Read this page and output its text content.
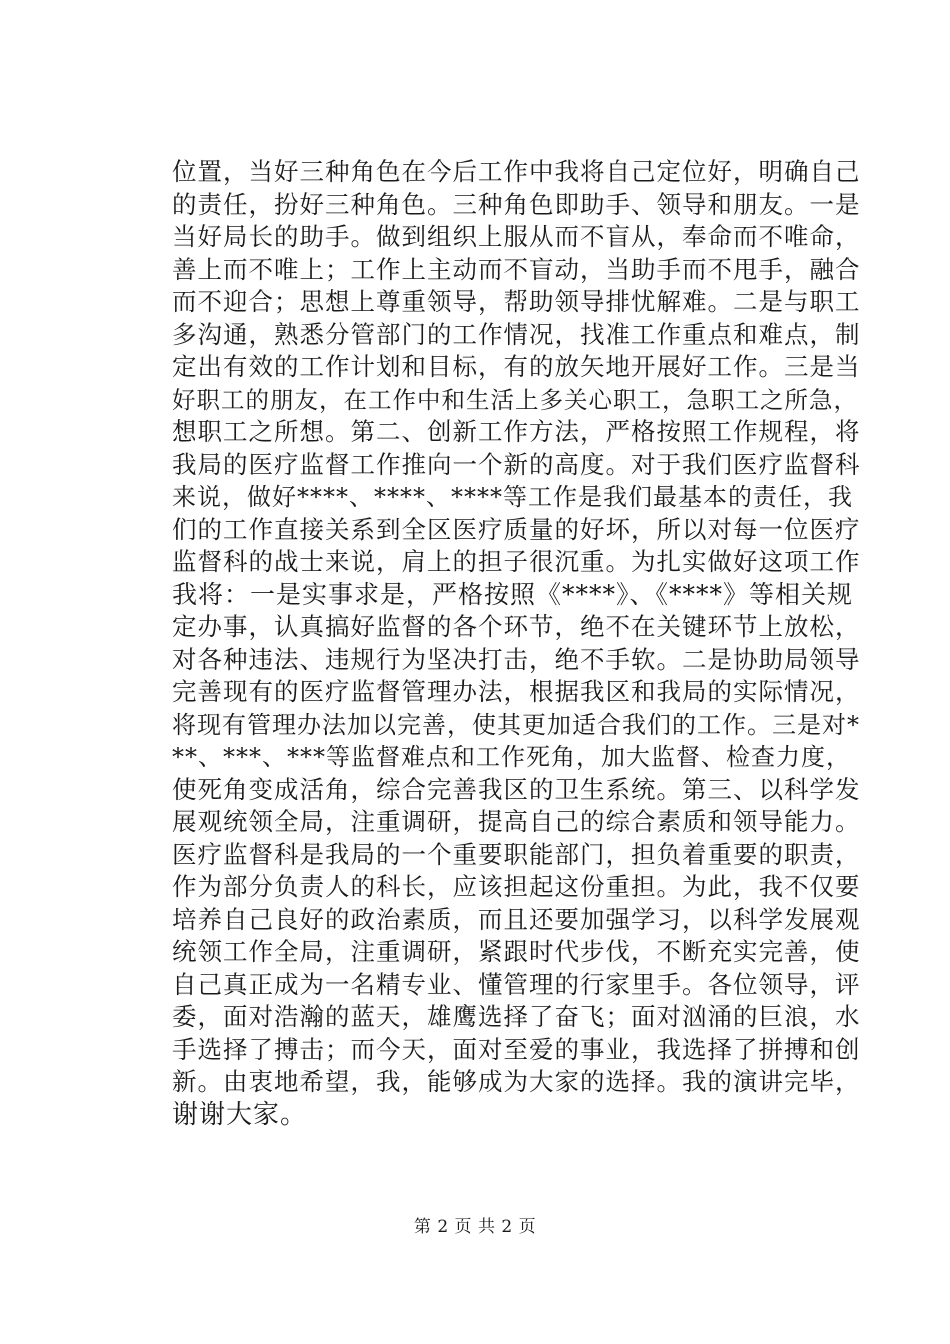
位置，当好三种角色在今后工作中我将自己定位好，明确自己
的责任，扮好三种角色。三种角色即助手、领导和朋友。一是
当好局长的助手。做到组织上服从而不盲从，奉命而不唯命，
善上而不唯上；工作上主动而不盲动，当助手而不甩手，融合
而不迎合；思想上尊重领导，帮助领导排忧解难。二是与职工
多沟通，熟悉分管部门的工作情况，找准工作重点和难点，制
定出有效的工作计划和目标，有的放矢地开展好工作。三是当
好职工的朋友，在工作中和生活上多关心职工，急职工之所急，
想职工之所想。第二、创新工作方法，严格按照工作规程，将
我局的医疗监督工作推向一个新的高度。对于我们医疗监督科
来说，做好****、****、****等工作是我们最基本的责任，我
们的工作直接关系到全区医疗质量的好坏，所以对每一位医疗
监督科的战士来说，肩上的担子很沉重。为扎实做好这项工作
我将：一是实事求是，严格按照《****》、《****》等相关规
定办事，认真搞好监督的各个环节，绝不在关键环节上放松，
对各种违法、违规行为坚决打击，绝不手软。二是协助局领导
完善现有的医疗监督管理办法，根据我区和我局的实际情况，
将现有管理办法加以完善，使其更加适合我们的工作。三是对*
**、***、***等监督难点和工作死角，加大监督、检查力度，
使死角变成活角，综合完善我区的卫生系统。第三、以科学发
展观统领全局，注重调研，提高自己的综合素质和领导能力。
医疗监督科是我局的一个重要职能部门，担负着重要的职责，
作为部分负责人的科长，应该担起这份重担。为此，我不仅要
培养自己良好的政治素质，而且还要加强学习，以科学发展观
统领工作全局，注重调研，紧跟时代步伐，不断充实完善，使
自己真正成为一名精专业、懂管理的行家里手。各位领导，评
委，面对浩瀚的蓝天，雄鹰选择了奋飞；面对汹涌的巨浪，水
手选择了搏击；而今天，面对至爱的事业，我选择了拼搏和创
新。由衷地希望，我，能够成为大家的选择。我的演讲完毕，
谢谢大家。
第 2 页 共 2 页
